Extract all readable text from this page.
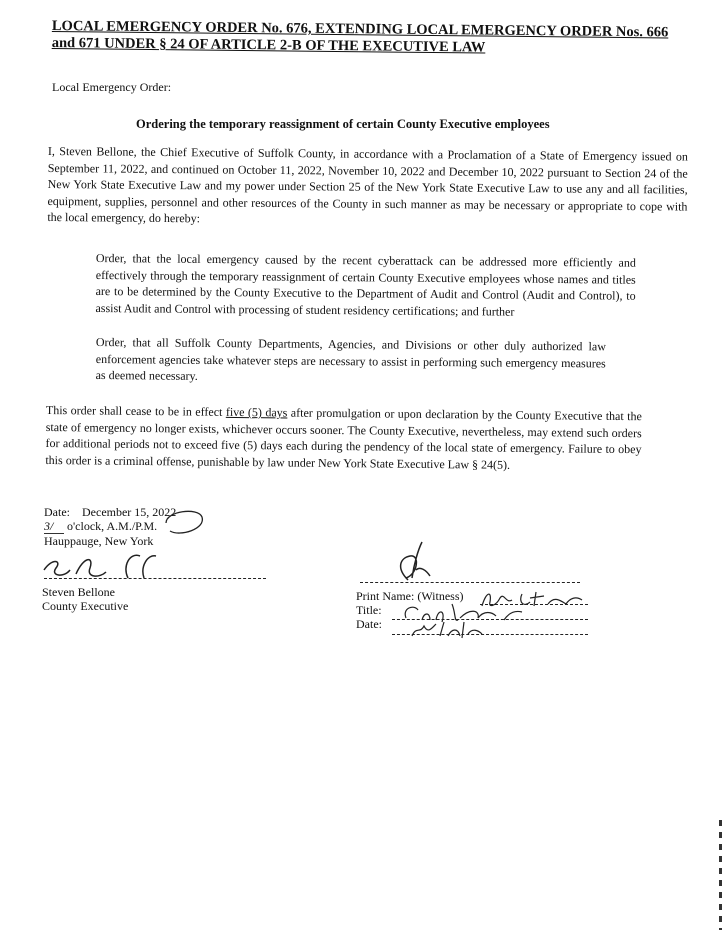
LOCAL EMERGENCY ORDER No. 676, EXTENDING LOCAL EMERGENCY ORDER Nos. 666 and 671 UNDER § 24 OF ARTICLE 2-B OF THE EXECUTIVE LAW
Local Emergency Order:
Ordering the temporary reassignment of certain County Executive employees
I, Steven Bellone, the Chief Executive of Suffolk County, in accordance with a Proclamation of a State of Emergency issued on September 11, 2022, and continued on October 11, 2022, November 10, 2022 and December 10, 2022 pursuant to Section 24 of the New York State Executive Law and my power under Section 25 of the New York State Executive Law to use any and all facilities, equipment, supplies, personnel and other resources of the County in such manner as may be necessary or appropriate to cope with the local emergency, do hereby:
Order, that the local emergency caused by the recent cyberattack can be addressed more efficiently and effectively through the temporary reassignment of certain County Executive employees whose names and titles are to be determined by the County Executive to the Department of Audit and Control (Audit and Control), to assist Audit and Control with processing of student residency certifications; and further
Order, that all Suffolk County Departments, Agencies, and Divisions or other duly authorized law enforcement agencies take whatever steps are necessary to assist in performing such emergency measures as deemed necessary.
This order shall cease to be in effect five (5) days after promulgation or upon declaration by the County Executive that the state of emergency no longer exists, whichever occurs sooner. The County Executive, nevertheless, may extend such orders for additional periods not to exceed five (5) days each during the pendency of the local state of emergency. Failure to obey this order is a criminal offense, punishable by law under New York State Executive Law § 24(5).
Date: December 15, 2022
3/ o'clock, A.M./P.M.
Hauppauge, New York
Steven Bellone
County Executive
Print Name: (Witness)
Title:
Date:
